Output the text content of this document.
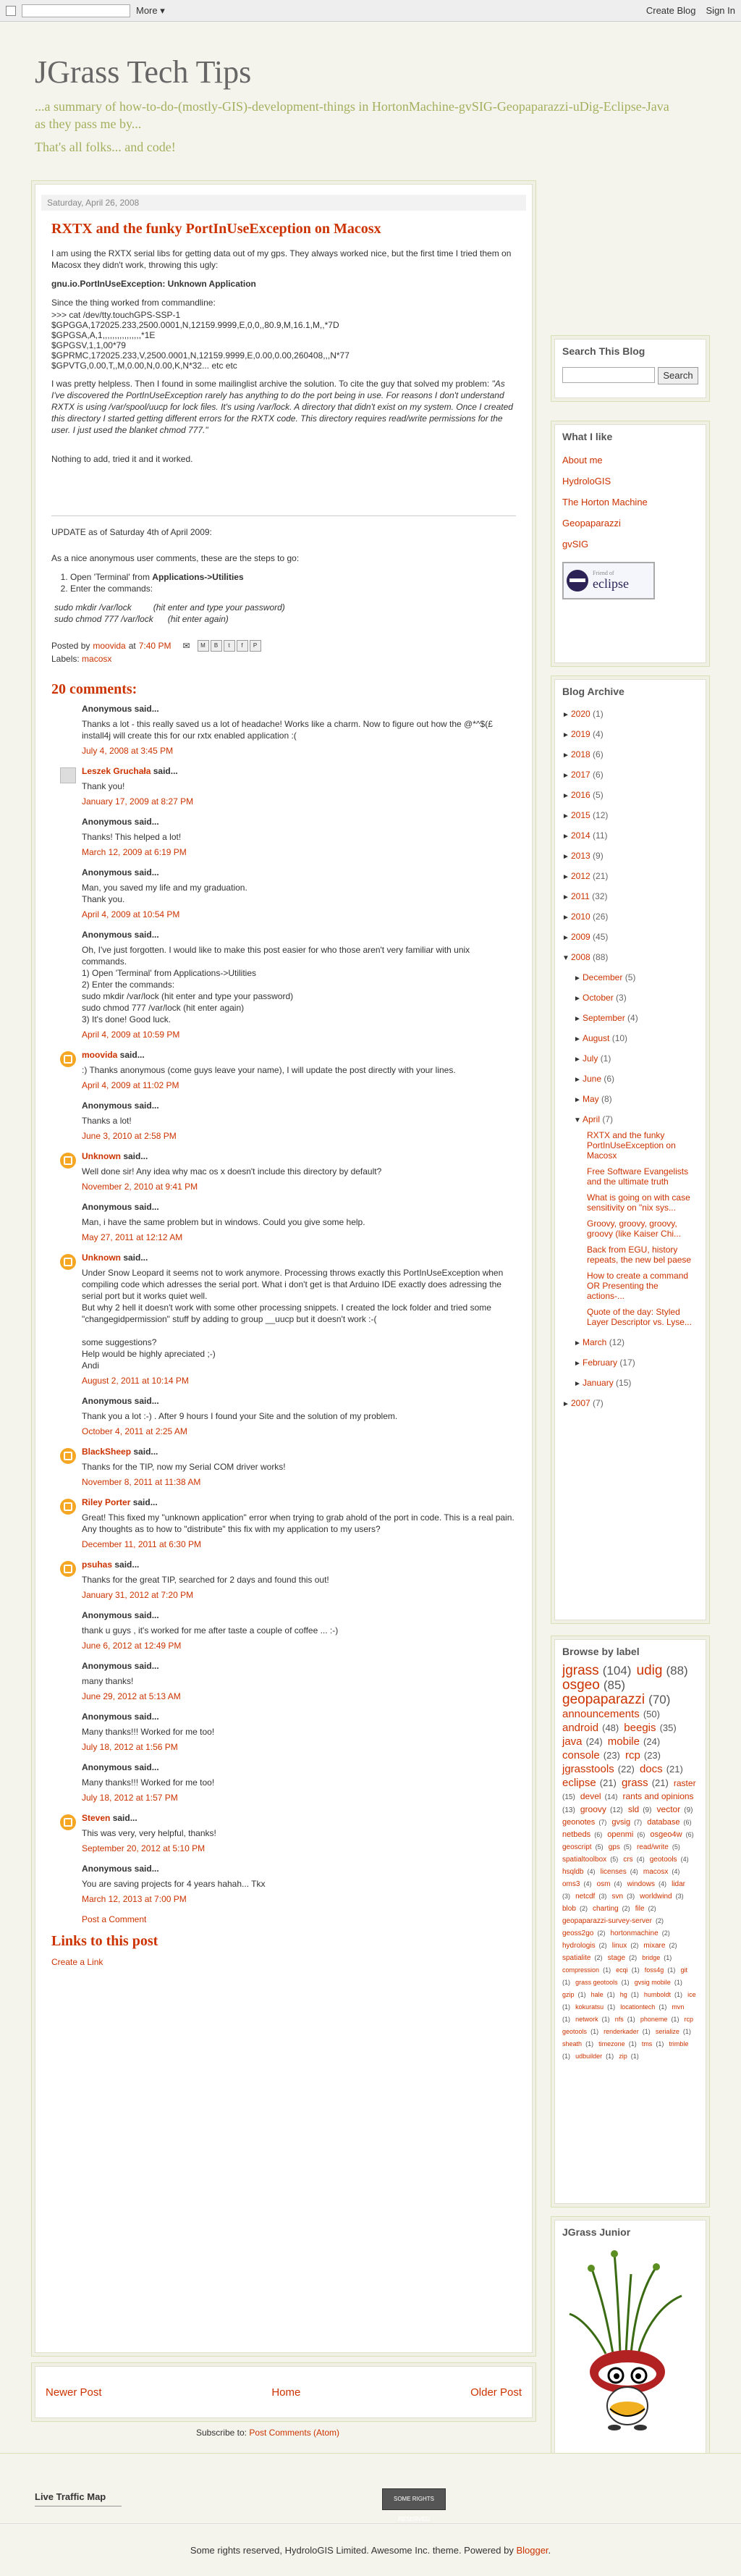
More ▾	Create Blog Sign In
JGrass Tech Tips
...a summary of how-to-do-(mostly-GIS)-development-things in HortonMachine-gvSIG-Geopaparazzi-uDig-Eclipse-Java as they pass me by...
That's all folks... and code!
Saturday, April 26, 2008
RXTX and the funky PortInUseException on Macosx

I am using the RXTX serial libs for getting data out of my gps. They always worked nice, but the first time I tried them on Macosx they didn't work, throwing this ugly:

gnu.io.PortInUseException: Unknown Application

Since the thing worked from commandline:

>>> cat /dev/tty.touchGPS-SSP-1
$GPGGA,172025.233,2500.0001,N,12159.9999,E,0,0,,80.9,M,16.1,M,,*7D
$GPGSA,A,1,,,,,,,,,,,,,,,,*1E
$GPGSV,1,1,00*79
$GPRMC,172025.233,V,2500.0001,N,12159.9999,E,0.00,0.00,260408,,,N*77
$GPVTG,0.00,T,,M,0.00,N,0.00,K,N*32... etc etc

I was pretty helpless. Then I found in some mailinglist archive the solution. To cite the guy that solved my problem: "As I've discovered the PortInUseException rarely has anything to do the port being in use. For reasons I don't understand RXTX is using /var/spool/uucp for lock files. It's using /var/lock. A directory that didn't exist on my system. Once I created this directory I started getting different errors for the RXTX code. This directory requires read/write permissions for the user. I just used the blanket chmod 777."

Nothing to add, tried it and it worked.

UPDATE as of Saturday 4th of April 2009:

As a nice anonymous user comments, these are the steps to go:

1. Open 'Terminal' from Applications->Utilities
2. Enter the commands:
sudo mkdir /var/lock         (hit enter and type your password)
sudo chmod 777 /var/lock      (hit enter again)
Posted by moovida at 7:40 PM ✉	M	B	t	f	P
Labels: macosx
20 comments:
Anonymous said...
Thanks a lot - this really saved us a lot of headache! Works like a charm. Now to figure out how the @*^$(£ install4j will create this for our rxtx enabled application :(
July 4, 2008 at 3:45 PM
Leszek Gruchała said...
Thank you!
January 17, 2009 at 8:27 PM
Anonymous said...
Thanks! This helped a lot!
March 12, 2009 at 6:19 PM
Anonymous said...
Man, you saved my life and my graduation.
Thank you.
April 4, 2009 at 10:54 PM
Anonymous said...
Oh, I've just forgotten. I would like to make this post easier for who those aren't very familiar with unix commands.
1) Open 'Terminal' from Applications->Utilities
2) Enter the commands:
sudo mkdir /var/lock (hit enter and type your password)
sudo chmod 777 /var/lock (hit enter again)
3) It's done! Good luck.
April 4, 2009 at 10:59 PM
moovida said...
:) Thanks anonymous (come guys leave your name), I will update the post directly with your lines.
April 4, 2009 at 11:02 PM
Anonymous said...
Thanks a lot!
June 3, 2010 at 2:58 PM
Unknown said...
Well done sir! Any idea why mac os x doesn't include this directory by default?
November 2, 2010 at 9:41 PM
Anonymous said...
Man, i have the same problem but in windows. Could you give some help.
May 27, 2011 at 12:12 AM
Unknown said...
Under Snow Leopard it seems not to work anymore. Processing throws exactly this PortInUseException when compiling code which adresses the serial port. What i don't get is that Arduino IDE exactly does adressing the serial port but it works quiet well.
But why 2 hell it doesn't work with some other processing snippets. I created the lock folder and tried some "changegidpermission" stuff by adding to group __uucp but it doesn't work :-(

some suggestions?
Help would be highly apreciated ;-)
Andi
August 2, 2011 at 10:14 PM
Anonymous said...
Thank you a lot :-) . After 9 hours I found your Site and the solution of my problem.
October 4, 2011 at 2:25 AM
BlackSheep said...
Thanks for the TIP, now my Serial COM driver works!
November 8, 2011 at 11:38 AM
Riley Porter said...
Great! This fixed my "unknown application" error when trying to grab ahold of the port in code. This is a real pain. Any thoughts as to how to "distribute" this fix with my application to my users?
December 11, 2011 at 6:30 PM
psuhas said...
Thanks for the great TIP, searched for 2 days and found this out!
January 31, 2012 at 7:20 PM
Anonymous said...
thank u guys , it's worked for me after taste a couple of coffee ... :-)
June 6, 2012 at 12:49 PM
Anonymous said...
many thanks!
June 29, 2012 at 5:13 AM
Anonymous said...
Many thanks!!! Worked for me too!
July 18, 2012 at 1:56 PM
Anonymous said...
Many thanks!!! Worked for me too!
July 18, 2012 at 1:57 PM
Steven said...
This was very, very helpful, thanks!
September 20, 2012 at 5:10 PM
Anonymous said...
You are saving projects for 4 years hahah... Tkx
March 12, 2013 at 7:00 PM
Post a Comment
Links to this post
Create a Link
Newer Post	Home	Older Post
Subscribe to: Post Comments (Atom)
Search This Blog
Search
What I like
About me
HydroloGIS
The Horton Machine
Geopaparazzi
gvSIG
Friend of
eclipse
Blog Archive
► 2020 (1)
► 2019 (4)
► 2018 (6)
► 2017 (6)
► 2016 (5)
► 2015 (12)
► 2014 (11)
► 2013 (9)
► 2012 (21)
► 2011 (32)
► 2010 (26)
► 2009 (45)
▼ 2008 (88)
► December (5)
► October (3)
► September (4)
► August (10)
► July (1)
► June (6)
► May (8)
▼ April (7)
RXTX and the funky PortInUseException on Macosx
Free Software Evangelists and the ultimate truth
What is going on with case sensitivity on "nix sys...
Groovy, groovy, groovy, groovy (like Kaiser Chi...
Back from EGU, history repeats, the new bel paese
How to create a command OR Presenting the actions-...
Quote of the day: Styled Layer Descriptor vs. Lyse...
► March (12)
► February (17)
► January (15)
► 2007 (7)
Browse by label
jgrass (104) udig (88) osgeo (85) geopaparazzi (70) announcements (50) android (48) beegis (35) java (24) mobile (24) console (23) rcp (23) jgrasstools (22) docs (21) eclipse (21) grass (21) raster (15) devel (14) rants and opinions (13) groovy (12) sld (9) vector (9) geonotes (7) gvsig (7) database (6) netbeds (6) openmi (6) osgeo4w (6) geoscript (5) gps (5) read/write (5) spatialtoolbox (5) crs (4) geotools (4) hsqldb (4) licenses (4) macosx (4) oms3 (4) osm (4) windows (4) lidar (3) netcdf (3) svn (3) worldwind (3) blob (2) charting (2) file (2) geopaparazzi-survey-server (2) geoss2go (2) hortonmachine (2) hydrologis (2) linux (2) mixare (2) spatialite (2) stage (2) bridge (1) compression (1) ecqi (1) foss4g (1) git (1) grass geotools (1) gvsig mobile (1) gzip (1) hale (1) hg (1) humboldt (1) ice (1) kokuratsu (1) locationtech (1) mvn (1) network (1) nfs (1) phoneme (1) rcp geotools (1) renderkader (1) serialize (1) sheath (1) timezone (1) tms (1) trimble (1) udbuilder (1) zip (1)
JGrass Junior
Live Traffic Map	SOME RIGHTS RESERVED
Some rights reserved, HydroloGIS Limited. Awesome Inc. theme. Powered by Blogger.
